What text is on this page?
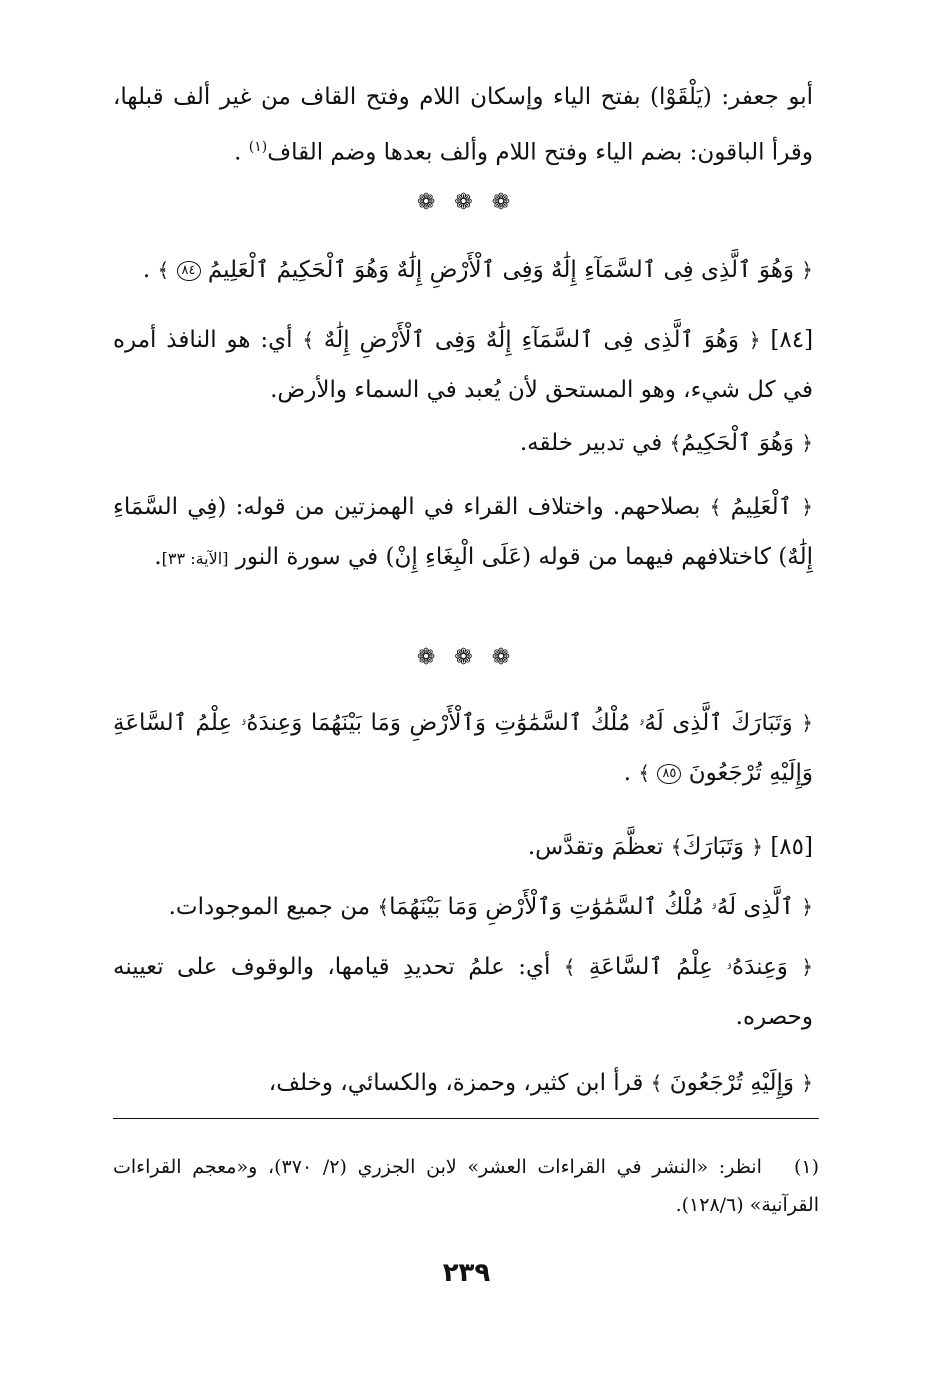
أبو جعفر: (يَلْقَوْا) بفتح الياء وإسكان اللام وفتح القاف من غير ألف قبلها، وقرأ الباقون: بضم الياء وفتح اللام وألف بعدها وضم القاف$^{(١)}$ .

❁ ❁ ❁

﴿ وَهُوَ ٱلَّذِى فِى ٱلسَّمَآءِ إِلَٰهٌ وَفِى ٱلْأَرْضِ إِلَٰهٌ وَهُوَ ٱلْحَكِيمُ ٱلْعَلِيمُ ٨٤ ﴾ .

[٨٤] ﴿ وَهُوَ ٱلَّذِى فِى ٱلسَّمَآءِ إِلَٰهٌ وَفِى ٱلْأَرْضِ إِلَٰهٌ ﴾ أي: هو النافذ أمره في كل شيء، وهو المستحق لأن يُعبد في السماء والأرض.

﴿ وَهُوَ ٱلْحَكِيمُ﴾ في تدبير خلقه.

﴿ ٱلْعَلِيمُ ﴾ بصلاحهم. واختلاف القراء في الهمزتين من قوله: (فِي السَّمَاءِ إِلَٰهٌ) كاختلافهم فيهما من قوله (عَلَى الْبِغَاءِ إِنْ) في سورة النور [الآية: ٣٣].

❁ ❁ ❁

﴿ وَتَبَارَكَ ٱلَّذِى لَهُۥ مُلْكُ ٱلسَّمَٰوَٰتِ وَٱلْأَرْضِ وَمَا بَيْنَهُمَا وَعِندَهُۥ عِلْمُ ٱلسَّاعَةِ وَإِلَيْهِ تُرْجَعُونَ ٨٥ ﴾ .

[٨٥] ﴿ وَتَبَارَكَ﴾ تعظَّمَ وتقدَّس.

﴿ ٱلَّذِى لَهُۥ مُلْكُ ٱلسَّمَٰوَٰتِ وَٱلْأَرْضِ وَمَا بَيْنَهُمَا﴾ من جميع الموجودات.

﴿ وَعِندَهُۥ عِلْمُ ٱلسَّاعَةِ ﴾ أي: علمُ تحديدِ قيامها، والوقوف على تعيينه وحصره.

﴿ وَإِلَيْهِ تُرْجَعُونَ ﴾ قرأ ابن كثير، وحمزة، والكسائي، وخلف،

(١)   انظر: «النشر في القراءات العشر» لابن الجزري (٢/ ٣٧٠)، و«معجم القراءات القرآنية» (١٢٨/٦).

٢٣٩
